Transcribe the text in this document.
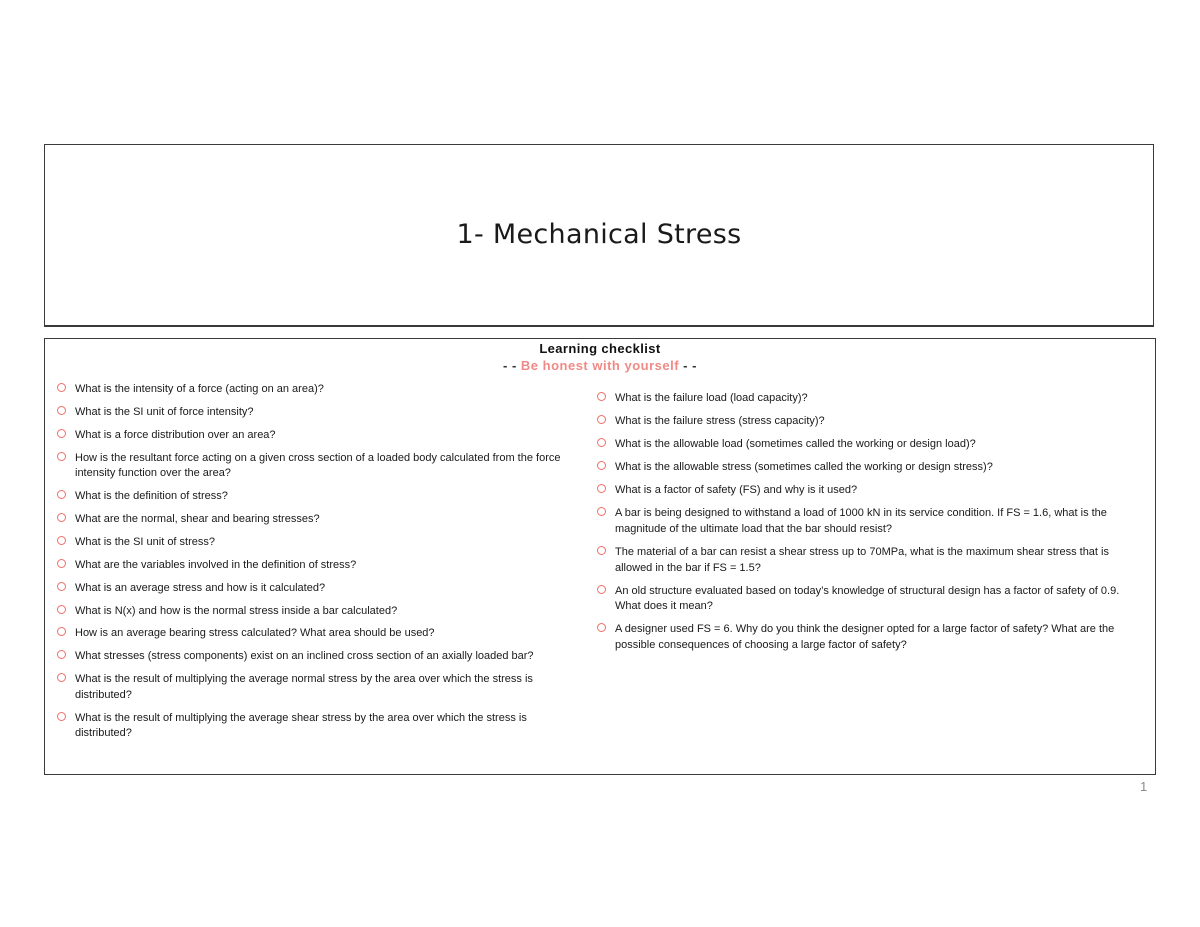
1- Mechanical Stress
Learning checklist
- - Be honest with yourself - -
What is the intensity of a force (acting on an area)?
What is the SI unit of force intensity?
What is a force distribution over an area?
How is the resultant force acting on a given cross section of a loaded body calculated from the force intensity function over the area?
What is the definition of stress?
What are the normal, shear and bearing stresses?
What is the SI unit of stress?
What are the variables involved in the definition of stress?
What is an average stress and how is it calculated?
What is N(x) and how is the normal stress inside a bar calculated?
How is an average bearing stress calculated? What area should be used?
What stresses (stress components) exist on an inclined cross section of an axially loaded bar?
What is the result of multiplying the average normal stress by the area over which the stress is distributed?
What is the result of multiplying the average shear stress by the area over which the stress is distributed?
What is the failure load (load capacity)?
What is the failure stress (stress capacity)?
What is the allowable load (sometimes called the working or design load)?
What is the allowable stress (sometimes called the working or design stress)?
What is a factor of safety (FS) and why is it used?
A bar is being designed to withstand a load of 1000 kN in its service condition. If FS = 1.6, what is the magnitude of the ultimate load that the bar should resist?
The material of a bar can resist a shear stress up to 70MPa, what is the maximum shear stress that is allowed in the bar if FS = 1.5?
An old structure evaluated based on today’s knowledge of structural design has a factor of safety of 0.9. What does it mean?
A designer used FS = 6. Why do you think the designer opted for a large factor of safety? What are the possible consequences of choosing a large factor of safety?
1
